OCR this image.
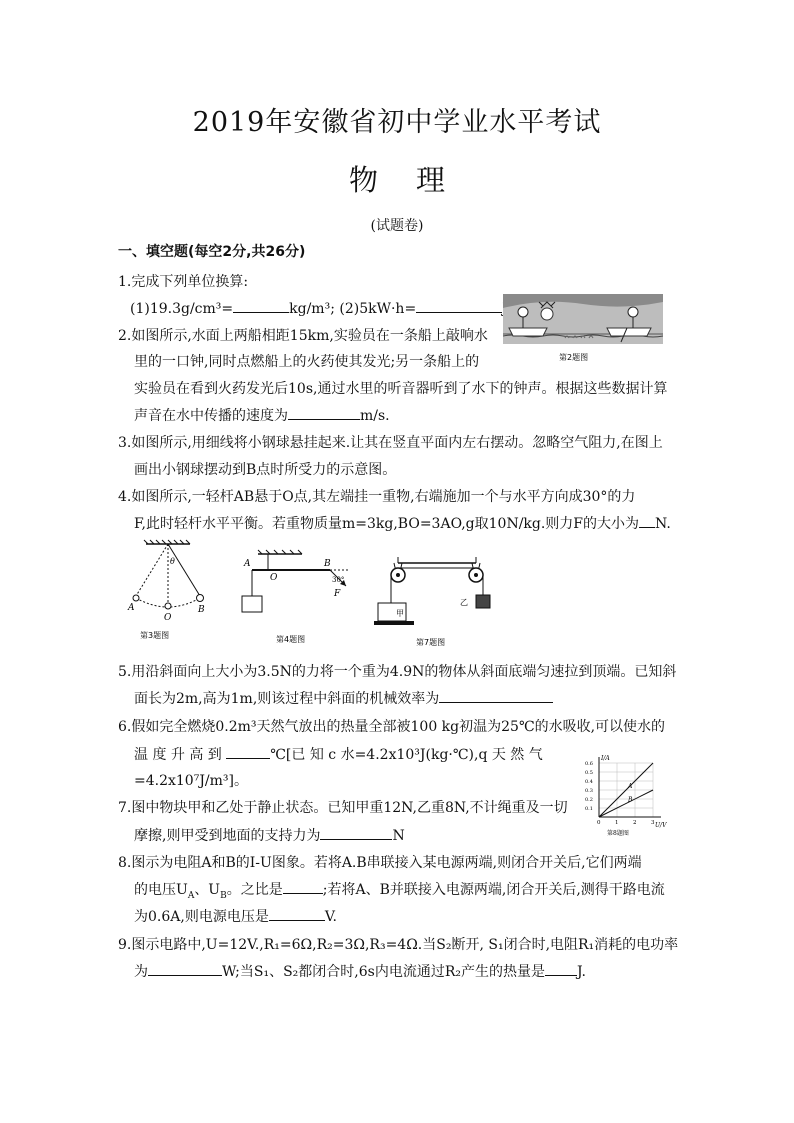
2019年安徽省初中学业水平考试
物理
(试题卷)
一、填空题(每空2分,共26分)
1.完成下列单位换算:
(1)19.3g/cm³=	kg/m³; (2)5kW·h=
第2题图
2.如图所示,水面上两船相距15km,实验员在一条船上敲响水
里的一口钟,同时点燃船上的火药使其发光;另一条船上的
实验员在看到火药发光后10s,通过水里的听音器听到了水下的钟声。根据这些数据计算
声音在水中传播的速度为	m/s.
3.如图所示,用细线将小钢球悬挂起来.让其在竖直平面内左右摆动。忽略空气阻力,在图上
画出小钢球摆动到B点时所受力的示意图。
4.如图所示,一轻杆AB悬于O点,其左端挂一重物,右端施加一个与水平方向成30°的力
F,此时轻杆水平平衡。若重物质量m=3kg,BO=3AO,g取10N/kg.则力F的大小为 N.
A
O
B
θ
第3题图
A
O
B
30°
F
第4题图
甲
乙
第7题图
5.用沿斜面向上大小为3.5N的力将一个重为4.9N的物体从斜面底端匀速拉到顶端。已知斜
面长为2m,高为1m,则该过程中斜面的机械效率为
6.假如完全燃烧0.2m³天然气放出的热量全部被100 kg初温为25℃的水吸收,可以使水的
温 度 升 高 到	℃[已 知 c 水=4.2x10³J(kg·℃),q 天 然 气
=4.2x10⁷J/m³]。
I/A
U/V
0	1	2	3
0.1
0.2
0.3
0.4
0.5
0.6
A
B
第8题图
7.图中物块甲和乙处于静止状态。已知甲重12N,乙重8N,不计绳重及一切
摩擦,则甲受到地面的支持力为	N
8.图示为电阻A和B的I-U图象。若将A.B串联接入某电源两端,则闭合开关后,它们两端
的电压$U_A$、$U_B$。之比是	;若将A、B并联接入电源两端,闭合开关后,测得干路电流
为0.6A,则电源电压是	V.
9.图示电路中,U=12V.,R₁=6Ω,R₂=3Ω,R₃=4Ω.当S₂断开, S₁闭合时,电阻R₁消耗的电功率
为	W;当S₁、S₂都闭合时,6s内电流通过R₂产生的热量是 J.
